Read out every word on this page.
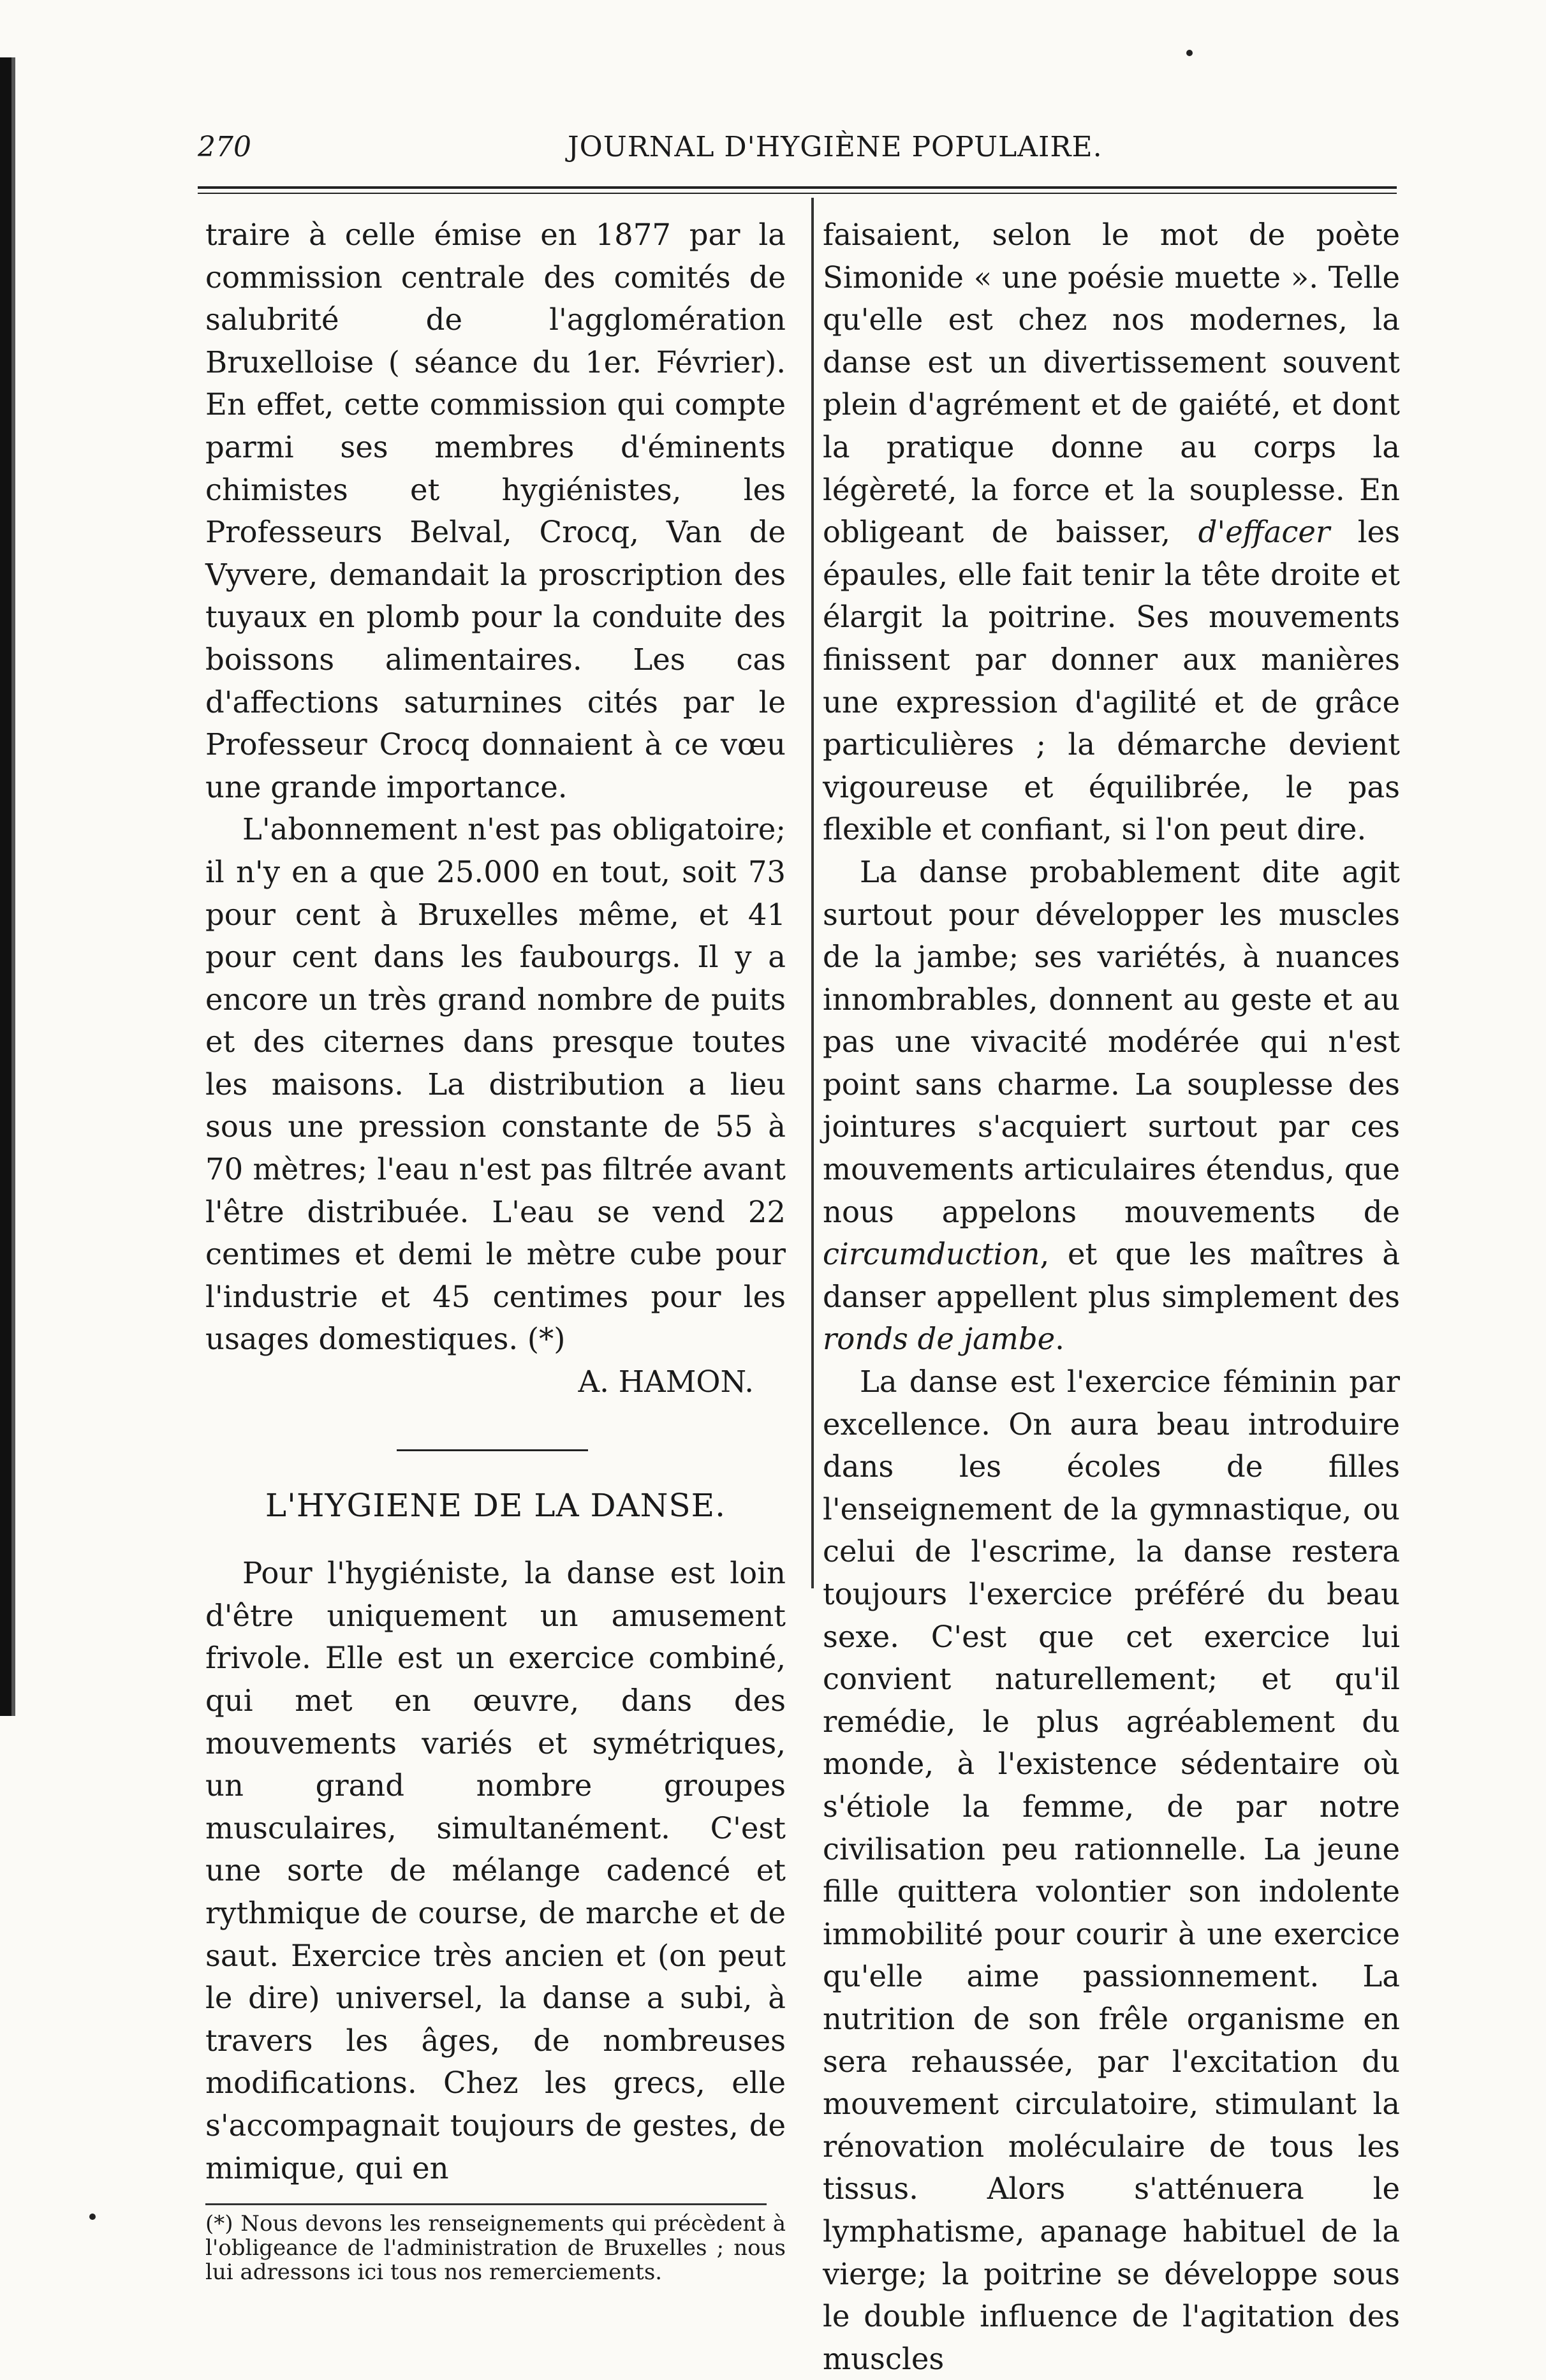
270	JOURNAL D'HYGIÈNE POPULAIRE.

traire à celle émise en 1877 par la commission centrale des comités de salubrité de l'agglomération Bruxelloise ( séance du 1er. Février). En effet, cette commission qui compte parmi ses membres d'éminents chimistes et hygiénistes, les Professeurs Belval, Crocq, Van de Vyvere, demandait la proscription des tuyaux en plomb pour la conduite des boissons alimentaires. Les cas d'affections saturnines cités par le Professeur Crocq donnaient à ce vœu une grande importance.

L'abonnement n'est pas obligatoire; il n'y en a que 25.000 en tout, soit 73 pour cent à Bruxelles même, et 41 pour cent dans les faubourgs. Il y a encore un très grand nombre de puits et des citernes dans presque toutes les maisons. La distribution a lieu sous une pression constante de 55 à 70 mètres; l'eau n'est pas filtrée avant l'être distribuée. L'eau se vend 22 centimes et demi le mètre cube pour l'industrie et 45 centimes pour les usages domestiques. (*)

A. HAMON.

L'HYGIENE DE LA DANSE.

Pour l'hygiéniste, la danse est loin d'être uniquement un amusement frivole. Elle est un exercice combiné, qui met en œuvre, dans des mouvements variés et symétriques, un grand nombre groupes musculaires, simultanément. C'est une sorte de mélange cadencé et rythmique de course, de marche et de saut. Exercice très ancien et (on peut le dire) universel, la danse a subi, à travers les âges, de nombreuses modifications. Chez les grecs, elle s'accompagnait toujours de gestes, de mimique, qui en

(*) Nous devons les renseignements qui précèdent à l'obligeance de l'administration de Bruxelles ; nous lui adressons ici tous nos remerciements.

faisaient, selon le mot de poète Simonide « une poésie muette ». Telle qu'elle est chez nos modernes, la danse est un divertissement souvent plein d'agrément et de gaiété, et dont la pratique donne au corps la légèreté, la force et la souplesse. En obligeant de baisser, d'effacer les épaules, elle fait tenir la tête droite et élargit la poitrine. Ses mouvements finissent par donner aux manières une expression d'agilité et de grâce particulières ; la démarche devient vigoureuse et équilibrée, le pas flexible et confiant, si l'on peut dire.

La danse probablement dite agit surtout pour développer les muscles de la jambe; ses variétés, à nuances innombrables, donnent au geste et au pas une vivacité modérée qui n'est point sans charme. La souplesse des jointures s'acquiert surtout par ces mouvements articulaires étendus, que nous appelons mouvements de circumduction, et que les maîtres à danser appellent plus simplement des ronds de jambe.

La danse est l'exercice féminin par excellence. On aura beau introduire dans les écoles de filles l'enseignement de la gymnastique, ou celui de l'escrime, la danse restera toujours l'exercice préféré du beau sexe. C'est que cet exercice lui convient naturellement; et qu'il remédie, le plus agréablement du monde, à l'existence sédentaire où s'étiole la femme, de par notre civilisation peu rationnelle. La jeune fille quittera volontier son indolente immobilité pour courir à une exercice qu'elle aime passionnement. La nutrition de son frêle organisme en sera rehaussée, par l'excitation du mouvement circulatoire, stimulant la rénovation moléculaire de tous les tissus. Alors s'atténuera le lymphatisme, apanage habituel de la vierge; la poitrine se développe sous le double influence de l'agitation des muscles
